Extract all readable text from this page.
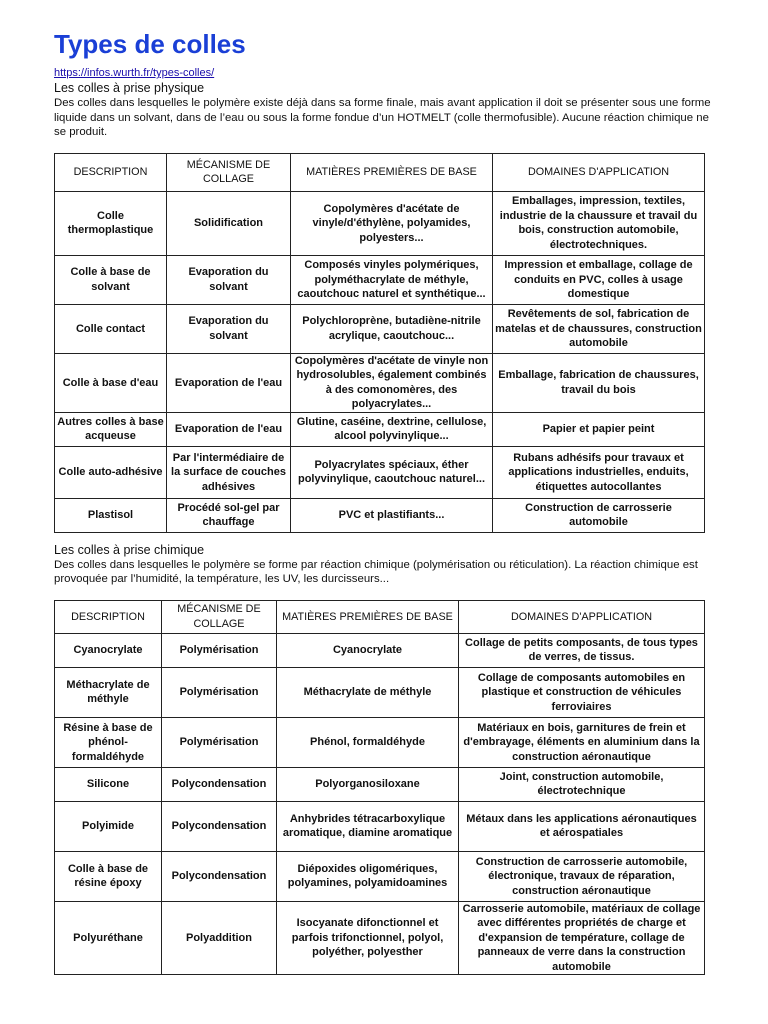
Types de colles
https://infos.wurth.fr/types-colles/

Les colles à prise physique

Des colles dans lesquelles le polymère existe déjà dans sa forme finale, mais avant application il doit se présenter sous une forme liquide dans un solvant, dans de l’eau ou sous la forme fondue d’un HOTMELT (colle thermofusible). Aucune réaction chimique ne se produit.

DESCRIPTION	MÉCANISME DE COLLAGE	MATIÈRES PREMIÈRES DE BASE	DOMAINES D'APPLICATION
Colle thermoplastique	Solidification	Copolymères d'acétate de vinyle/d'éthylène, polyamides, polyesters...	Emballages, impression, textiles, industrie de la chaussure et travail du bois, construction automobile, électrotechniques.
Colle à base de solvant	Evaporation du solvant	Composés vinyles polymériques, polyméthacrylate de méthyle, caoutchouc naturel et synthétique...	Impression et emballage, collage de conduits en PVC, colles à usage domestique
Colle contact	Evaporation du solvant	Polychloroprène, butadiène-nitrile acrylique, caoutchouc...	Revêtements de sol, fabrication de matelas et de chaussures, construction automobile
Colle à base d'eau	Evaporation de l'eau	Copolymères d'acétate de vinyle non hydrosolubles, également combinés à des comonomères, des polyacrylates...	Emballage, fabrication de chaussures, travail du bois
Autres colles à base acqueuse	Evaporation de l'eau	Glutine, caséine, dextrine, cellulose, alcool polyvinylique...	Papier et papier peint
Colle auto-adhésive	Par l'intermédiaire de la surface de couches adhésives	Polyacrylates spéciaux, éther polyvinylique, caoutchouc naturel...	Rubans adhésifs pour travaux et applications industrielles, enduits, étiquettes autocollantes
Plastisol	Procédé sol-gel par chauffage	PVC et plastifiants...	Construction de carrosserie automobile

Les colles à prise chimique

Des colles dans lesquelles le polymère se forme par réaction chimique (polymérisation ou réticulation). La réaction chimique est provoquée par l’humidité, la température, les UV, les durcisseurs...

DESCRIPTION	MÉCANISME DE COLLAGE	MATIÈRES PREMIÈRES DE BASE	DOMAINES D'APPLICATION
Cyanocrylate	Polymérisation	Cyanocrylate	Collage de petits composants, de tous types de verres, de tissus.
Méthacrylate de méthyle	Polymérisation	Méthacrylate de méthyle	Collage de composants automobiles en plastique et construction de véhicules ferroviaires
Résine à base de phénol-formaldéhyde	Polymérisation	Phénol, formaldéhyde	Matériaux en bois, garnitures de frein et d'embrayage, éléments en aluminium dans la construction aéronautique
Silicone	Polycondensation	Polyorganosiloxane	Joint, construction automobile, électrotechnique
Polyimide	Polycondensation	Anhybrides tétracarboxylique aromatique, diamine aromatique	Métaux dans les applications aéronautiques et aérospatiales
Colle à base de résine époxy	Polycondensation	Diépoxides oligomériques, polyamines, polyamidoamines	Construction de carrosserie automobile, électronique, travaux de réparation, construction aéronautique
Polyuréthane	Polyaddition	Isocyanate difonctionnel et parfois trifonctionnel, polyol, polyéther, polyesther	Carrosserie automobile, matériaux de collage avec différentes propriétés de charge et d'expansion de température, collage de panneaux de verre dans la construction automobile
